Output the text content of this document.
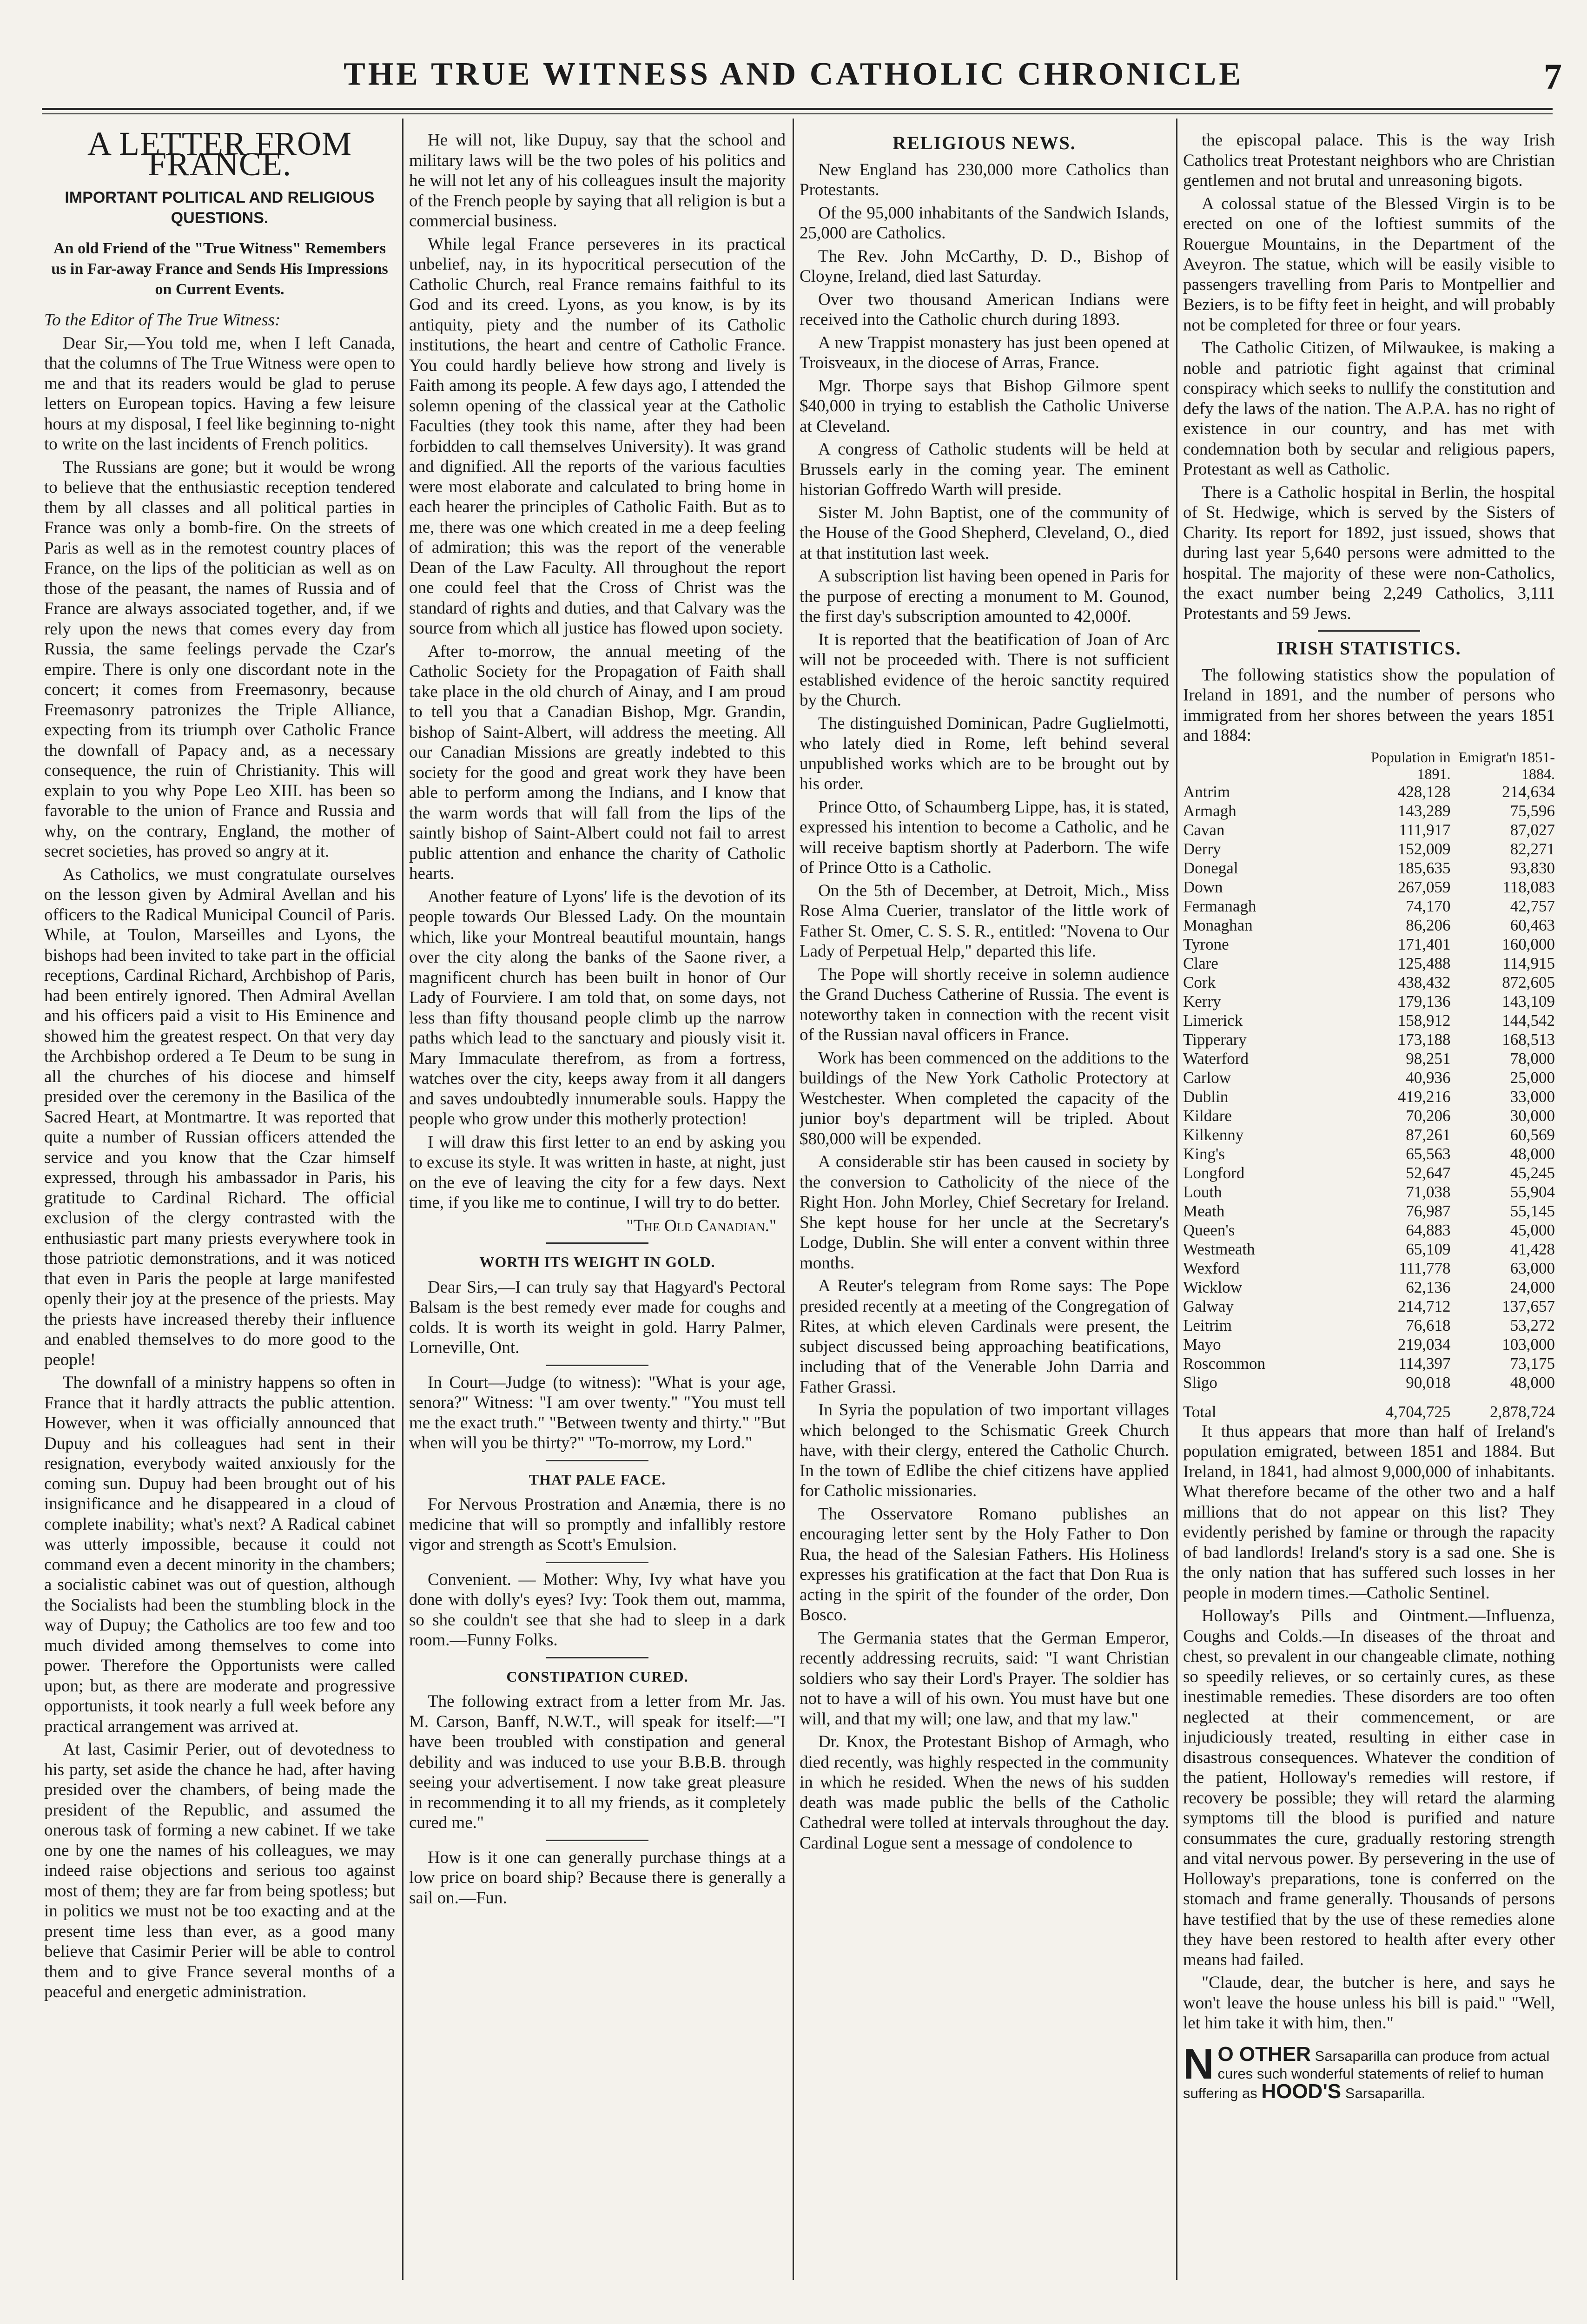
THE TRUE WITNESS AND CATHOLIC CHRONICLE	7
A LETTER FROM FRANCE.
IMPORTANT POLITICAL AND RELIGIOUS QUESTIONS.
An old Friend of the "True Witness" Remembers us in Far-away France and Sends His Impressions on Current Events.

To the Editor of The True Witness:

Dear Sir,—You told me, when I left Canada, that the columns of The True Witness were open to me and that its readers would be glad to peruse letters on European topics. Having a few leisure hours at my disposal, I feel like beginning to-night to write on the last incidents of French politics.

The Russians are gone; but it would be wrong to believe that the enthusiastic reception tendered them by all classes and all political parties in France was only a bomb-fire. On the streets of Paris as well as in the remotest country places of France, on the lips of the politician as well as on those of the peasant, the names of Russia and of France are always associated together, and, if we rely upon the news that comes every day from Russia, the same feelings pervade the Czar's empire. There is only one discordant note in the concert; it comes from Freemasonry, because Freemasonry patronizes the Triple Alliance, expecting from its triumph over Catholic France the downfall of Papacy and, as a necessary consequence, the ruin of Christianity. This will explain to you why Pope Leo XIII. has been so favorable to the union of France and Russia and why, on the contrary, England, the mother of secret societies, has proved so angry at it.

As Catholics, we must congratulate ourselves on the lesson given by Admiral Avellan and his officers to the Radical Municipal Council of Paris. While, at Toulon, Marseilles and Lyons, the bishops had been invited to take part in the official receptions, Cardinal Richard, Archbishop of Paris, had been entirely ignored. Then Admiral Avellan and his officers paid a visit to His Eminence and showed him the greatest respect. On that very day the Archbishop ordered a Te Deum to be sung in all the churches of his diocese and himself presided over the ceremony in the Basilica of the Sacred Heart, at Montmartre. It was reported that quite a number of Russian officers attended the service and you know that the Czar himself expressed, through his ambassador in Paris, his gratitude to Cardinal Richard. The official exclusion of the clergy contrasted with the enthusiastic part many priests everywhere took in those patriotic demonstrations, and it was noticed that even in Paris the people at large manifested openly their joy at the presence of the priests. May the priests have increased thereby their influence and enabled themselves to do more good to the people!

The downfall of a ministry happens so often in France that it hardly attracts the public attention. However, when it was officially announced that Dupuy and his colleagues had sent in their resignation, everybody waited anxiously for the coming sun. Dupuy had been brought out of his insignificance and he disappeared in a cloud of complete inability; what's next? A Radical cabinet was utterly impossible, because it could not command even a decent minority in the chambers; a socialistic cabinet was out of question, although the Socialists had been the stumbling block in the way of Dupuy; the Catholics are too few and too much divided among themselves to come into power. Therefore the Opportunists were called upon; but, as there are moderate and progressive opportunists, it took nearly a full week before any practical arrangement was arrived at.

At last, Casimir Perier, out of devotedness to his party, set aside the chance he had, after having presided over the chambers, of being made the president of the Republic, and assumed the onerous task of forming a new cabinet. If we take one by one the names of his colleagues, we may indeed raise objections and serious too against most of them; they are far from being spotless; but in politics we must not be too exacting and at the present time less than ever, as a good many believe that Casimir Perier will be able to control them and to give France several months of a peaceful and energetic administration.

He will not, like Dupuy, say that the school and military laws will be the two poles of his politics and he will not let any of his colleagues insult the majority of the French people by saying that all religion is but a commercial business.

While legal France perseveres in its practical unbelief, nay, in its hypocritical persecution of the Catholic Church, real France remains faithful to its God and its creed. Lyons, as you know, is by its antiquity, piety and the number of its Catholic institutions, the heart and centre of Catholic France. You could hardly believe how strong and lively is Faith among its people. A few days ago, I attended the solemn opening of the classical year at the Catholic Faculties (they took this name, after they had been forbidden to call themselves University). It was grand and dignified. All the reports of the various faculties were most elaborate and calculated to bring home in each hearer the principles of Catholic Faith. But as to me, there was one which created in me a deep feeling of admiration; this was the report of the venerable Dean of the Law Faculty. All throughout the report one could feel that the Cross of Christ was the standard of rights and duties, and that Calvary was the source from which all justice has flowed upon society.

After to-morrow, the annual meeting of the Catholic Society for the Propagation of Faith shall take place in the old church of Ainay, and I am proud to tell you that a Canadian Bishop, Mgr. Grandin, bishop of Saint-Albert, will address the meeting. All our Canadian Missions are greatly indebted to this society for the good and great work they have been able to perform among the Indians, and I know that the warm words that will fall from the lips of the saintly bishop of Saint-Albert could not fail to arrest public attention and enhance the charity of Catholic hearts.

Another feature of Lyons' life is the devotion of its people towards Our Blessed Lady. On the mountain which, like your Montreal beautiful mountain, hangs over the city along the banks of the Saone river, a magnificent church has been built in honor of Our Lady of Fourviere. I am told that, on some days, not less than fifty thousand people climb up the narrow paths which lead to the sanctuary and piously visit it. Mary Immaculate therefrom, as from a fortress, watches over the city, keeps away from it all dangers and saves undoubtedly innumerable souls. Happy the people who grow under this motherly protection!

I will draw this first letter to an end by asking you to excuse its style. It was written in haste, at night, just on the eve of leaving the city for a few days. Next time, if you like me to continue, I will try to do better.

"The Old Canadian."
WORTH ITS WEIGHT IN GOLD.

Dear Sirs,—I can truly say that Hagyard's Pectoral Balsam is the best remedy ever made for coughs and colds. It is worth its weight in gold. Harry Palmer, Lorneville, Ont.

In Court—Judge (to witness): "What is your age, senora?" Witness: "I am over twenty." "You must tell me the exact truth." "Between twenty and thirty." "But when will you be thirty?" "To-morrow, my Lord."

THAT PALE FACE.

For Nervous Prostration and Anæmia, there is no medicine that will so promptly and infallibly restore vigor and strength as Scott's Emulsion.

Convenient. — Mother: Why, Ivy what have you done with dolly's eyes? Ivy: Took them out, mamma, so she couldn't see that she had to sleep in a dark room.—Funny Folks.

CONSTIPATION CURED.

The following extract from a letter from Mr. Jas. M. Carson, Banff, N.W.T., will speak for itself:—"I have been troubled with constipation and general debility and was induced to use your B.B.B. through seeing your advertisement. I now take great pleasure in recommending it to all my friends, as it completely cured me."

How is it one can generally purchase things at a low price on board ship? Because there is generally a sail on.—Fun.

RELIGIOUS NEWS.

New England has 230,000 more Catholics than Protestants.

Of the 95,000 inhabitants of the Sandwich Islands, 25,000 are Catholics.

The Rev. John McCarthy, D. D., Bishop of Cloyne, Ireland, died last Saturday.

Over two thousand American Indians were received into the Catholic church during 1893.

A new Trappist monastery has just been opened at Troisveaux, in the diocese of Arras, France.

Mgr. Thorpe says that Bishop Gilmore spent $40,000 in trying to establish the Catholic Universe at Cleveland.

A congress of Catholic students will be held at Brussels early in the coming year. The eminent historian Goffredo Warth will preside.

Sister M. John Baptist, one of the community of the House of the Good Shepherd, Cleveland, O., died at that institution last week.

A subscription list having been opened in Paris for the purpose of erecting a monument to M. Gounod, the first day's subscription amounted to 42,000f.

It is reported that the beatification of Joan of Arc will not be proceeded with. There is not sufficient established evidence of the heroic sanctity required by the Church.

The distinguished Dominican, Padre Guglielmotti, who lately died in Rome, left behind several unpublished works which are to be brought out by his order.

Prince Otto, of Schaumberg Lippe, has, it is stated, expressed his intention to become a Catholic, and he will receive baptism shortly at Paderborn. The wife of Prince Otto is a Catholic.

On the 5th of December, at Detroit, Mich., Miss Rose Alma Cuerier, translator of the little work of Father St. Omer, C. S. S. R., entitled: "Novena to Our Lady of Perpetual Help," departed this life.

The Pope will shortly receive in solemn audience the Grand Duchess Catherine of Russia. The event is noteworthy taken in connection with the recent visit of the Russian naval officers in France.

Work has been commenced on the additions to the buildings of the New York Catholic Protectory at Westchester. When completed the capacity of the junior boy's department will be tripled. About $80,000 will be expended.

A considerable stir has been caused in society by the conversion to Catholicity of the niece of the Right Hon. John Morley, Chief Secretary for Ireland. She kept house for her uncle at the Secretary's Lodge, Dublin. She will enter a convent within three months.

A Reuter's telegram from Rome says: The Pope presided recently at a meeting of the Congregation of Rites, at which eleven Cardinals were present, the subject discussed being approaching beatifications, including that of the Venerable John Darria and Father Grassi.

In Syria the population of two important villages which belonged to the Schismatic Greek Church have, with their clergy, entered the Catholic Church. In the town of Edlibe the chief citizens have applied for Catholic missionaries.

The Osservatore Romano publishes an encouraging letter sent by the Holy Father to Don Rua, the head of the Salesian Fathers. His Holiness expresses his gratification at the fact that Don Rua is acting in the spirit of the founder of the order, Don Bosco.

The Germania states that the German Emperor, recently addressing recruits, said: "I want Christian soldiers who say their Lord's Prayer. The soldier has not to have a will of his own. You must have but one will, and that my will; one law, and that my law."

Dr. Knox, the Protestant Bishop of Armagh, who died recently, was highly respected in the community in which he resided. When the news of his sudden death was made public the bells of the Catholic Cathedral were tolled at intervals throughout the day. Cardinal Logue sent a message of condolence to

the episcopal palace. This is the way Irish Catholics treat Protestant neighbors who are Christian gentlemen and not brutal and unreasoning bigots.

A colossal statue of the Blessed Virgin is to be erected on one of the loftiest summits of the Rouergue Mountains, in the Department of the Aveyron. The statue, which will be easily visible to passengers travelling from Paris to Montpellier and Beziers, is to be fifty feet in height, and will probably not be completed for three or four years.

The Catholic Citizen, of Milwaukee, is making a noble and patriotic fight against that criminal conspiracy which seeks to nullify the constitution and defy the laws of the nation. The A.P.A. has no right of existence in our country, and has met with condemnation both by secular and religious papers, Protestant as well as Catholic.

There is a Catholic hospital in Berlin, the hospital of St. Hedwige, which is served by the Sisters of Charity. Its report for 1892, just issued, shows that during last year 5,640 persons were admitted to the hospital. The majority of these were non-Catholics, the exact number being 2,249 Catholics, 3,111 Protestants and 59 Jews.

IRISH STATISTICS.

The following statistics show the population of Ireland in 1891, and the number of persons who immigrated from her shores between the years 1851 and 1884:

	Population in 1891.	Emigrat'n 1851-1884.
Antrim	428,128	214,634
Armagh	143,289	75,596
Cavan	111,917	87,027
Derry	152,009	82,271
Donegal	185,635	93,830
Down	267,059	118,083
Fermanagh	74,170	42,757
Monaghan	86,206	60,463
Tyrone	171,401	160,000
Clare	125,488	114,915
Cork	438,432	872,605
Kerry	179,136	143,109
Limerick	158,912	144,542
Tipperary	173,188	168,513
Waterford	98,251	78,000
Carlow	40,936	25,000
Dublin	419,216	33,000
Kildare	70,206	30,000
Kilkenny	87,261	60,569
King's	65,563	48,000
Longford	52,647	45,245
Louth	71,038	55,904
Meath	76,987	55,145
Queen's	64,883	45,000
Westmeath	65,109	41,428
Wexford	111,778	63,000
Wicklow	62,136	24,000
Galway	214,712	137,657
Leitrim	76,618	53,272
Mayo	219,034	103,000
Roscommon	114,397	73,175
Sligo	90,018	48,000
Total	4,704,725	2,878,724

It thus appears that more than half of Ireland's population emigrated, between 1851 and 1884. But Ireland, in 1841, had almost 9,000,000 of inhabitants. What therefore became of the other two and a half millions that do not appear on this list? They evidently perished by famine or through the rapacity of bad landlords! Ireland's story is a sad one. She is the only nation that has suffered such losses in her people in modern times.—Catholic Sentinel.

Holloway's Pills and Ointment.—Influenza, Coughs and Colds.—In diseases of the throat and chest, so prevalent in our changeable climate, nothing so speedily relieves, or so certainly cures, as these inestimable remedies. These disorders are too often neglected at their commencement, or are injudiciously treated, resulting in either case in disastrous consequences. Whatever the condition of the patient, Holloway's remedies will restore, if recovery be possible; they will retard the alarming symptoms till the blood is purified and nature consummates the cure, gradually restoring strength and vital nervous power. By persevering in the use of Holloway's preparations, tone is conferred on the stomach and frame generally. Thousands of persons have testified that by the use of these remedies alone they have been restored to health after every other means had failed.

"Claude, dear, the butcher is here, and says he won't leave the house unless his bill is paid." "Well, let him take it with him, then."

N O OTHER Sarsaparilla can produce from actual cures such wonderful statements of relief to human suffering as HOOD'S Sarsaparilla.
